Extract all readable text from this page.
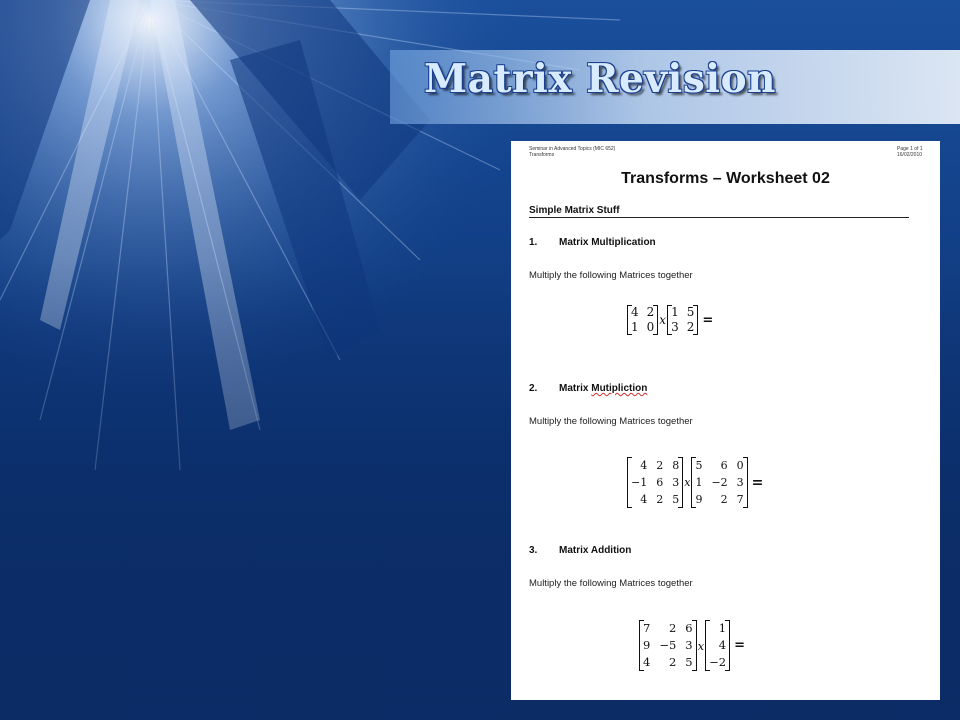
Matrix Revision
Seminar in Advanced Topics (MIC 652)
Transforms
Page 1 of 1
16/02/2010
Transforms – Worksheet 02
Simple Matrix Stuff
1. Matrix Multiplication
Multiply the following Matrices together
4 2
1 0 x
1 5
3 2 =
2. Matrix Mutipliction
Multiply the following Matrices together
4 2 8
−1 6 3
4 2 5
x
5	6 0
1 −2 3
9	2 7
=
3. Matrix Addition
Multiply the following Matrices together
7	2 6
9 −5 3
4	2 5
x
1
4
−2
=
